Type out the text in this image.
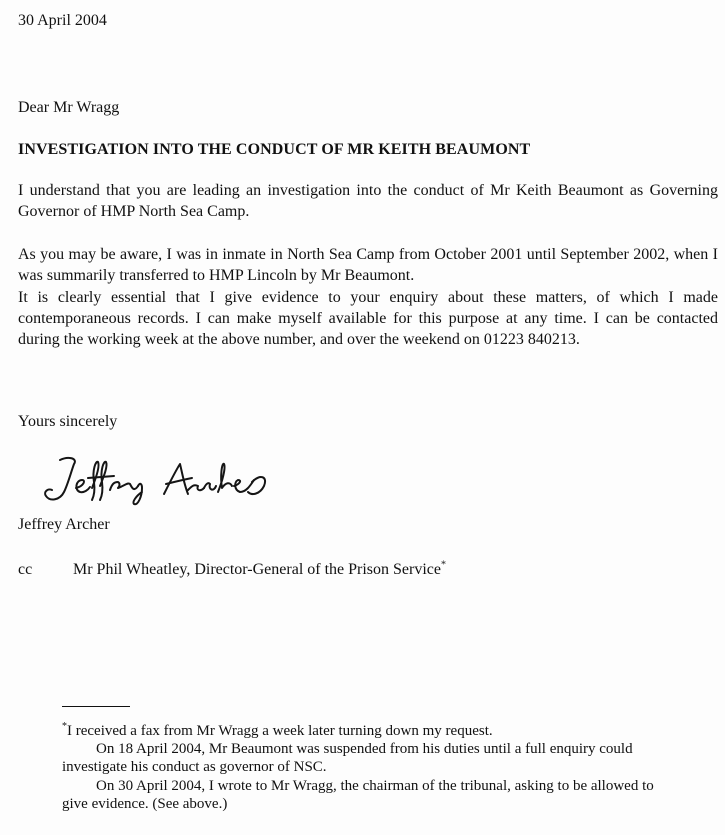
30 April 2004

Dear Mr Wragg

INVESTIGATION INTO THE CONDUCT OF MR KEITH BEAUMONT

I understand that you are leading an investigation into the conduct of Mr Keith Beaumont as Governing Governor of HMP North Sea Camp.

As you may be aware, I was in inmate in North Sea Camp from October 2001 until September 2002, when I was summarily transferred to HMP Lincoln by Mr Beaumont.

It is clearly essential that I give evidence to your enquiry about these matters, of which I made contemporaneous records. I can make myself available for this purpose at any time. I can be contacted during the working week at the above number, and over the weekend on 01223 840213.

Yours sincerely

Jeffrey Archer

cc	Mr Phil Wheatley, Director-General of the Prison Service*

*I received a fax from Mr Wragg a week later turning down my request.

On 18 April 2004, Mr Beaumont was suspended from his duties until a full enquiry could investigate his conduct as governor of NSC.

On 30 April 2004, I wrote to Mr Wragg, the chairman of the tribunal, asking to be allowed to give evidence. (See above.)
